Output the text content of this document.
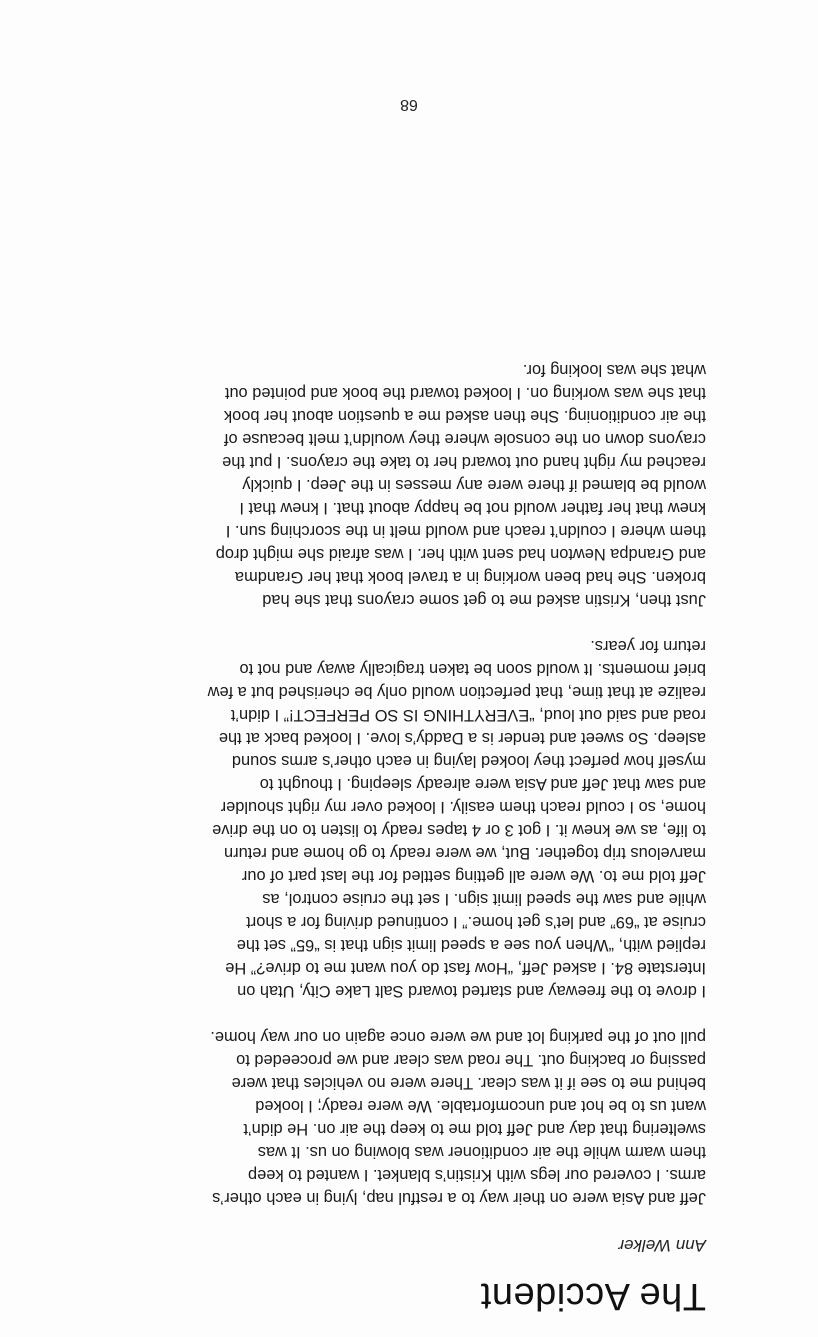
The Accident
Ann Welker

Jeff and Asia were on their way to a restful nap, lying in each other’s
arms. I covered our legs with Kristin’s blanket. I wanted to keep
them warm while the air conditioner was blowing on us. It was
sweltering that day and Jeff told me to keep the air on. He didn’t
want us to be hot and uncomfortable. We were ready; I looked
behind me to see if it was clear. There were no vehicles that were
passing or backing out. The road was clear and we proceeded to
pull out of the parking lot and we were once again on our way home.

I drove to the freeway and started toward Salt Lake City, Utah on
Interstate 84. I asked Jeff, “How fast do you want me to drive?” He
replied with, “When you see a speed limit sign that is “65” set the
cruise at “69” and let’s get home.” I continued driving for a short
while and saw the speed limit sign. I set the cruise control, as
Jeff told me to. We were all getting settled for the last part of our
marvelous trip together. But, we were ready to go home and return
to life, as we knew it. I got 3 or 4 tapes ready to listen to on the drive
home, so I could reach them easily. I looked over my right shoulder
and saw that Jeff and Asia were already sleeping. I thought to
myself how perfect they looked laying in each other’s arms sound
asleep. So sweet and tender is a Daddy’s love. I looked back at the
road and said out loud, “EVERYTHING IS SO PERFECT!” I didn’t
realize at that time, that perfection would only be cherished but a few
brief moments. It would soon be taken tragically away and not to
return for years.

Just then, Kristin asked me to get some crayons that she had
broken. She had been working in a travel book that her Grandma
and Grandpa Newton had sent with her. I was afraid she might drop
them where I couldn’t reach and would melt in the scorching sun. I
knew that her father would not be happy about that. I knew that I
would be blamed if there were any messes in the Jeep. I quickly
reached my right hand out toward her to take the crayons. I put the
crayons down on the console where they wouldn’t melt because of
the air conditioning. She then asked me a question about her book
that she was working on. I looked toward the book and pointed out
what she was looking for.

68
